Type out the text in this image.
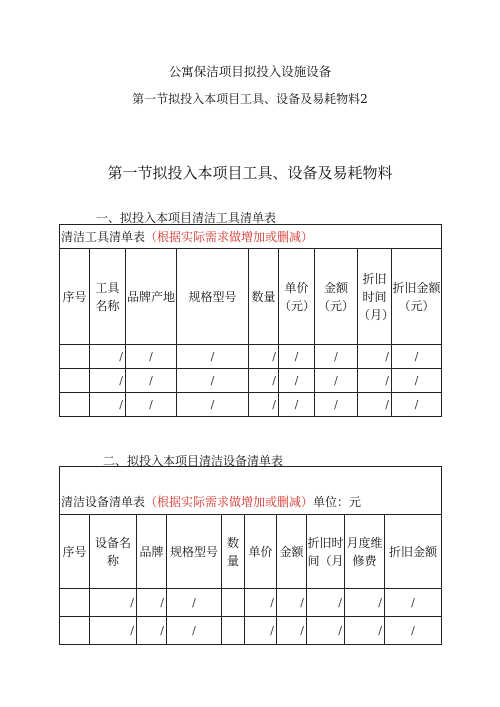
公寓保洁项目拟投入设施设备
第一节拟投入本项目工具、设备及易耗物料2
第一节拟投入本项目工具、设备及易耗物料
一、拟投入本项目清洁工具清单表
清洁工具清单表（根据实际需求做增加或删减）								
序号	工具名称	品牌产地	规格型号	数量	单价（元）	金额（元）	折旧时间（月）	折旧金额（元）
	/	/	/	/	/	/	/	/
	/	/	/	/	/	/	/	/
	/	/	/	/	/	/	/	/
二、拟投入本项目清洁设备清单表
清洁设备清单表（根据实际需求做增加或删减）单位：元									
序号	设备名称	品牌	规格型号	数量	单价	金额	折旧时间（月	月度维修费	折旧金额
	/	/	/		/	/	/	/	/
	/	/	/		/	/	/	/	/
